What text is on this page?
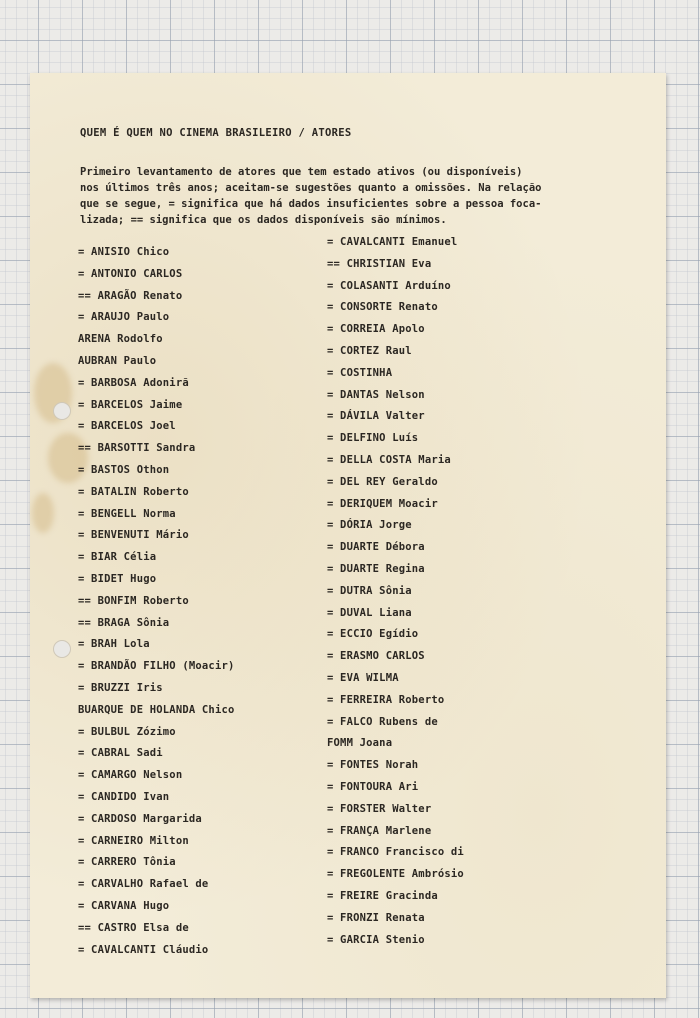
QUEM É QUEM NO CINEMA BRASILEIRO / ATORES
Primeiro levantamento de atores que tem estado ativos (ou disponíveis)
nos últimos três anos; aceitam-se sugestões quanto a omissões. Na relação
que se segue, = significa que há dados insuficientes sobre a pessoa foca-
lizada; == significa que os dados disponíveis são mínimos.
= ANISIO Chico
= ANTONIO CARLOS
== ARAGÃO Renato
= ARAUJO Paulo
ARENA Rodolfo
AUBRAN Paulo
= BARBOSA Adonirã
= BARCELOS Jaime
= BARCELOS Joel
== BARSOTTI Sandra
= BASTOS Othon
= BATALIN Roberto
= BENGELL Norma
= BENVENUTI Mário
= BIAR Célia
= BIDET Hugo
== BONFIM Roberto
== BRAGA Sônia
= BRAH Lola
= BRANDÃO FILHO (Moacir)
= BRUZZI Iris
BUARQUE DE HOLANDA Chico
= BULBUL Zózimo
= CABRAL Sadi
= CAMARGO Nelson
= CANDIDO Ivan
= CARDOSO Margarida
= CARNEIRO Milton
= CARRERO Tônia
= CARVALHO Rafael de
= CARVANA Hugo
== CASTRO Elsa de
= CAVALCANTI Cláudio
= CAVALCANTI Emanuel
== CHRISTIAN Eva
= COLASANTI Arduíno
= CONSORTE Renato
= CORREIA Apolo
= CORTEZ Raul
= COSTINHA
= DANTAS Nelson
= DÁVILA Valter
= DELFINO Luís
= DELLA COSTA Maria
= DEL REY Geraldo
= DERIQUEM Moacir
= DÓRIA Jorge
= DUARTE Débora
= DUARTE Regina
= DUTRA Sônia
= DUVAL Liana
= ECCIO Egídio
= ERASMO CARLOS
= EVA WILMA
= FERREIRA Roberto
= FALCO Rubens de
FOMM Joana
= FONTES Norah
= FONTOURA Ari
= FORSTER Walter
= FRANÇA Marlene
= FRANCO Francisco di
= FREGOLENTE Ambrósio
= FREIRE Gracinda
= FRONZI Renata
= GARCIA Stenio
